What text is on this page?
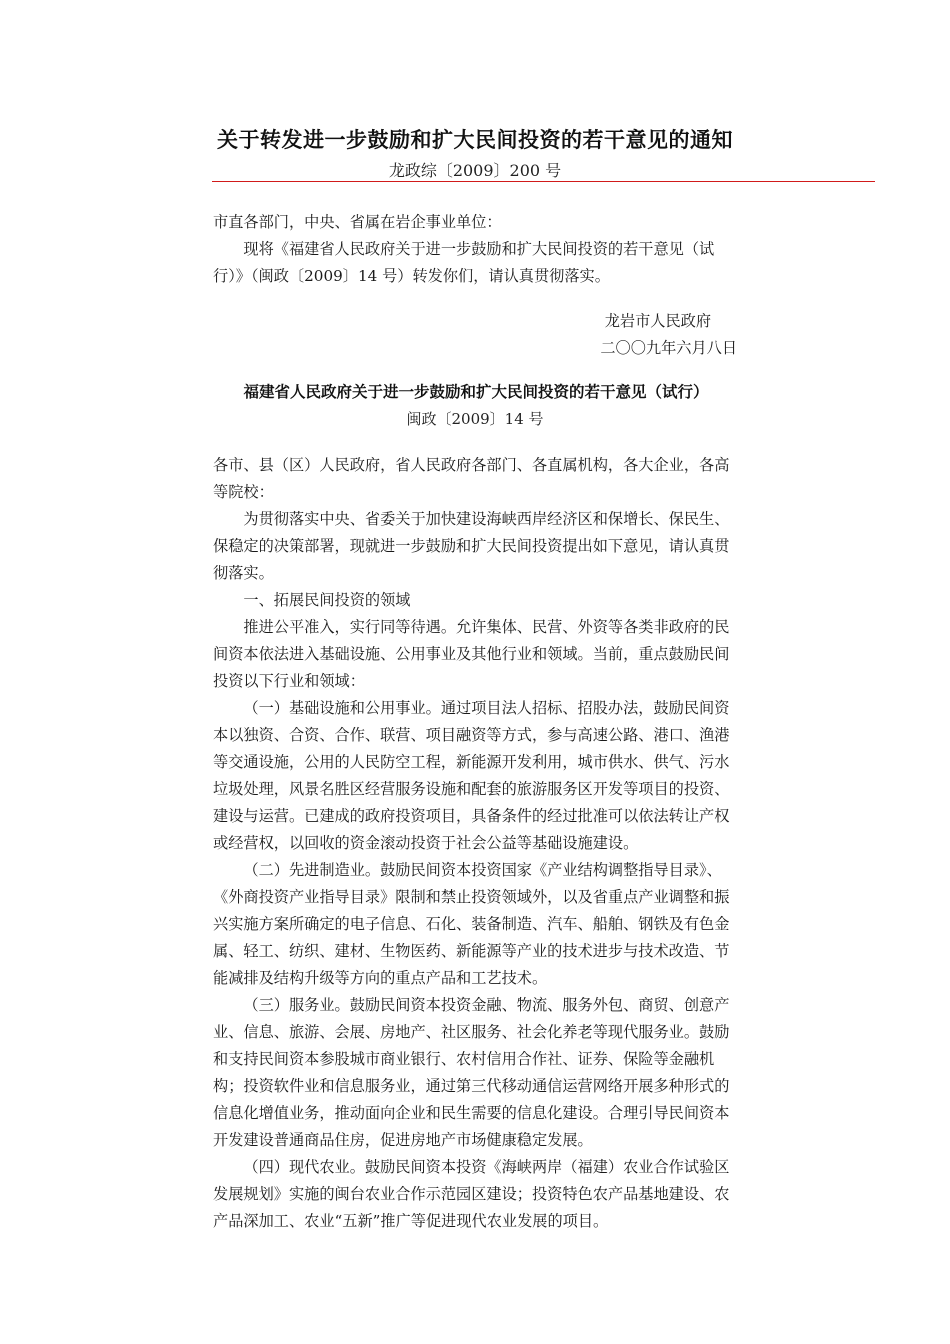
关于转发进一步鼓励和扩大民间投资的若干意见的通知
龙政综〔2009〕200 号

市直各部门，中央、省属在岩企事业单位：

现将《福建省人民政府关于进一步鼓励和扩大民间投资的若干意见（试行）》（闽政〔2009〕14 号）转发你们，请认真贯彻落实。

龙岩市人民政府

二〇〇九年六月八日

福建省人民政府关于进一步鼓励和扩大民间投资的若干意见（试行）
闽政〔2009〕14 号

各市、县（区）人民政府，省人民政府各部门、各直属机构，各大企业，各高等院校：

为贯彻落实中央、省委关于加快建设海峡西岸经济区和保增长、保民生、保稳定的决策部署，现就进一步鼓励和扩大民间投资提出如下意见，请认真贯彻落实。

一、拓展民间投资的领域

推进公平准入，实行同等待遇。允许集体、民营、外资等各类非政府的民间资本依法进入基础设施、公用事业及其他行业和领域。当前，重点鼓励民间投资以下行业和领域：

（一）基础设施和公用事业。通过项目法人招标、招股办法，鼓励民间资本以独资、合资、合作、联营、项目融资等方式，参与高速公路、港口、渔港等交通设施，公用的人民防空工程，新能源开发利用，城市供水、供气、污水垃圾处理，风景名胜区经营服务设施和配套的旅游服务区开发等项目的投资、建设与运营。已建成的政府投资项目，具备条件的经过批准可以依法转让产权或经营权，以回收的资金滚动投资于社会公益等基础设施建设。

（二）先进制造业。鼓励民间资本投资国家《产业结构调整指导目录》、《外商投资产业指导目录》限制和禁止投资领域外，以及省重点产业调整和振兴实施方案所确定的电子信息、石化、装备制造、汽车、船舶、钢铁及有色金属、轻工、纺织、建材、生物医药、新能源等产业的技术进步与技术改造、节能减排及结构升级等方向的重点产品和工艺技术。

（三）服务业。鼓励民间资本投资金融、物流、服务外包、商贸、创意产业、信息、旅游、会展、房地产、社区服务、社会化养老等现代服务业。鼓励和支持民间资本参股城市商业银行、农村信用合作社、证券、保险等金融机构；投资软件业和信息服务业，通过第三代移动通信运营网络开展多种形式的信息化增值业务，推动面向企业和民生需要的信息化建设。合理引导民间资本开发建设普通商品住房，促进房地产市场健康稳定发展。

（四）现代农业。鼓励民间资本投资《海峡两岸（福建）农业合作试验区发展规划》实施的闽台农业合作示范园区建设；投资特色农产品基地建设、农产品深加工、农业“五新”推广等促进现代农业发展的项目。
